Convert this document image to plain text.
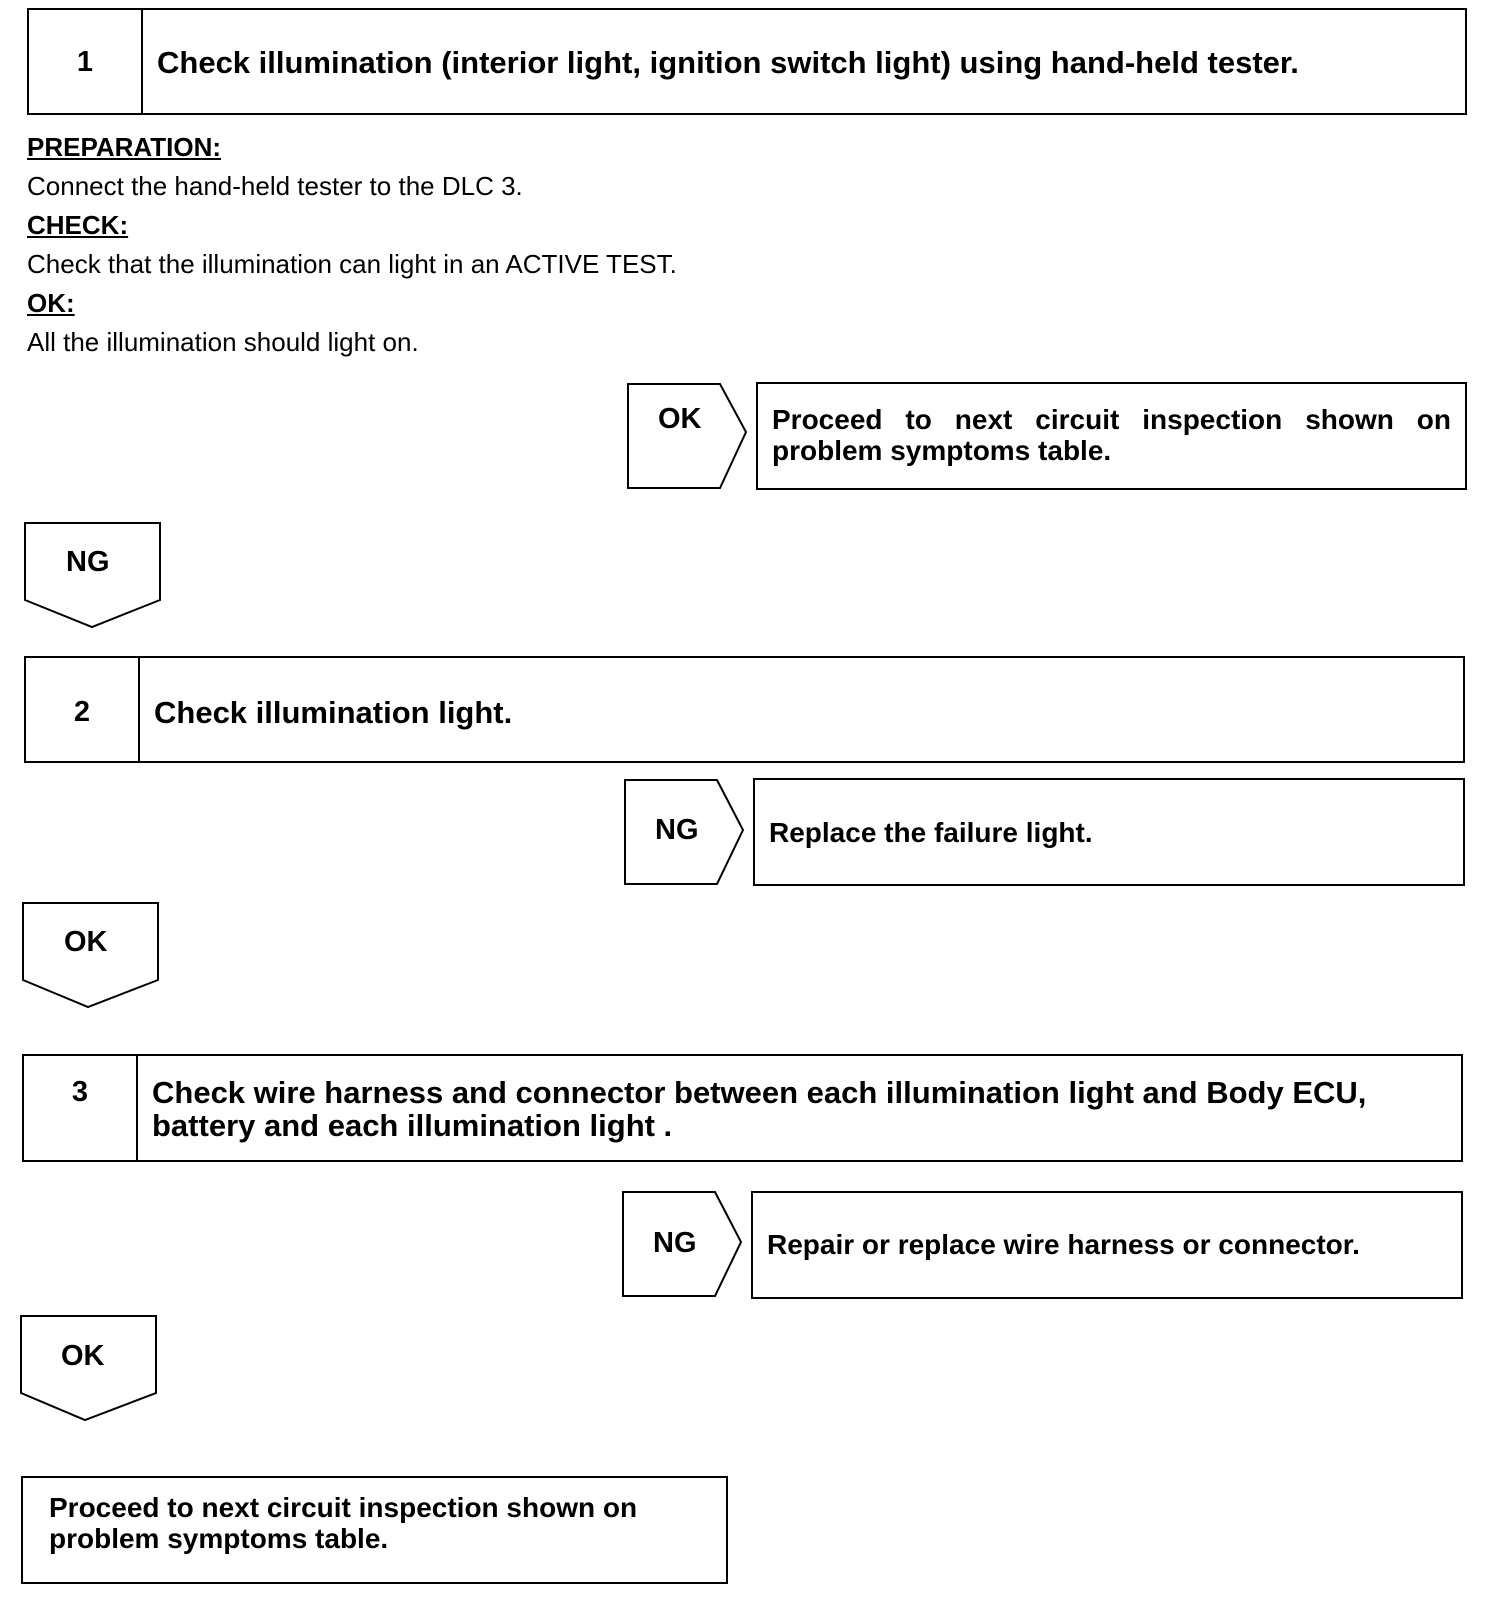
1	Check illumination (interior light, ignition switch light) using hand-held tester.
PREPARATION:
Connect the hand-held tester to the DLC 3.
CHECK:
Check that the illumination can light in an ACTIVE TEST.
OK:
All the illumination should light on.
OK	Proceed to next circuit inspection shown on problem symptoms table.
NG
2	Check illumination light.
NG	Replace the failure light.
OK
3	Check wire harness and connector between each illumination light and Body ECU, battery and each illumination light .
NG	Repair or replace wire harness or connector.
OK
Proceed to next circuit inspection shown on problem symptoms table.
